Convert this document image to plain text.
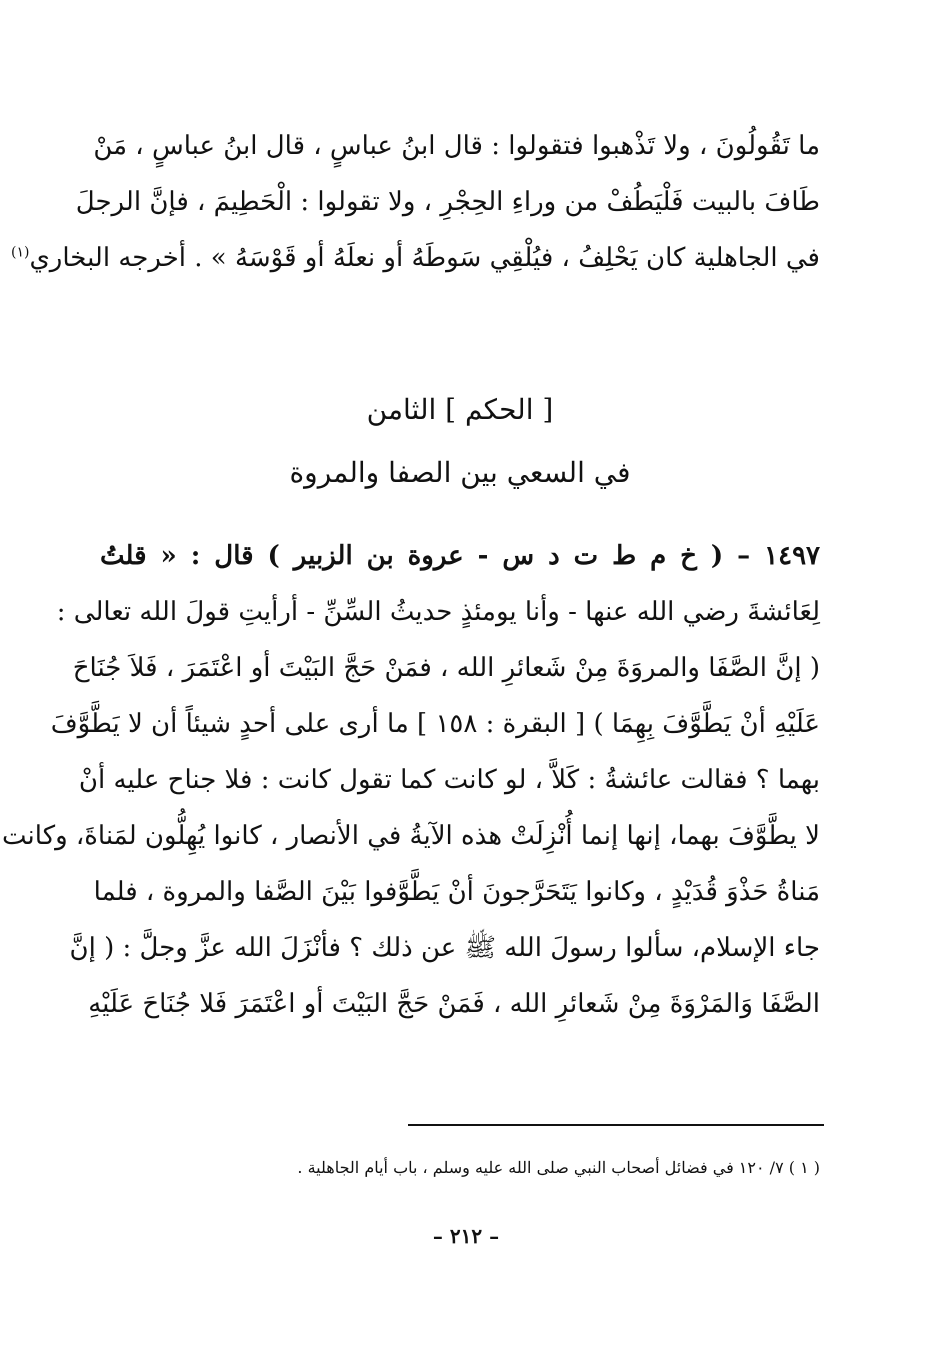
ما تَقُولُونَ ، ولا تَذْهبوا فتقولوا : قال ابنُ عباسٍ ، قال ابنُ عباسٍ ، مَنْ
طَافَ بالبيت فَلْيَطُفْ من وراءِ الحِجْرِ ، ولا تقولوا : الْحَطِيمَ ، فإنَّ الرجلَ
في الجاهلية كان يَحْلِفُ ، فيُلْقِي سَوطَهُ أو نعلَهُ أو قَوْسَهُ » . أخرجه البخاري$^{(١)}$
[ الحكم ] الثامن
في السعي بين الصفا والمروة
١٤٩٧ – ( خ م ط ت د س - عروة بن الزبير ) قال : « قلتُ
لِعَائشةَ رضي الله عنها - وأنا يومئذٍ حديثُ السِّنِّ - أرأيتِ قولَ الله تعالى :
( إنَّ الصَّفَا والمروَةَ مِنْ شَعائرِ الله ، فمَنْ حَجَّ البَيْتَ أو اعْتَمَرَ ، فَلاَ جُنَاحَ
عَلَيْهِ أنْ يَطَّوَّفَ بِهِمَا ) [ البقرة : ١٥٨ ] ما أرى على أحدٍ شيئاً أن لا يَطَّوَّفَ
بهما ؟ فقالت عائشةُ : كَلاَّ ، لو كانت كما تقول كانت : فلا جناح عليه أنْ
لا يطَّوَّفَ بهما، إنها إنما أُنْزِلَتْ هذه الآيةُ في الأنصار ، كانوا يُهِلُّون لمَناةَ، وكانت
مَناةُ حَذْوَ قُدَيْدٍ ، وكانوا يَتَحَرَّجونَ أنْ يَطَّوَّفوا بَيْنَ الصَّفا والمروة ، فلما
جاء الإسلام، سألوا رسولَ الله ﷺ عن ذلك ؟ فأنْزَلَ الله عزَّ وجلَّ : ( إنَّ
الصَّفَا وَالمَرْوَةَ مِنْ شَعائرِ الله ، فَمَنْ حَجَّ البَيْتَ أو اعْتَمَرَ فَلا جُنَاحَ عَلَيْهِ
( ١ ) ٧/ ١٢٠ في فضائل أصحاب النبي صلى الله عليه وسلم ، باب أيام الجاهلية .
– ٢١٢ –
